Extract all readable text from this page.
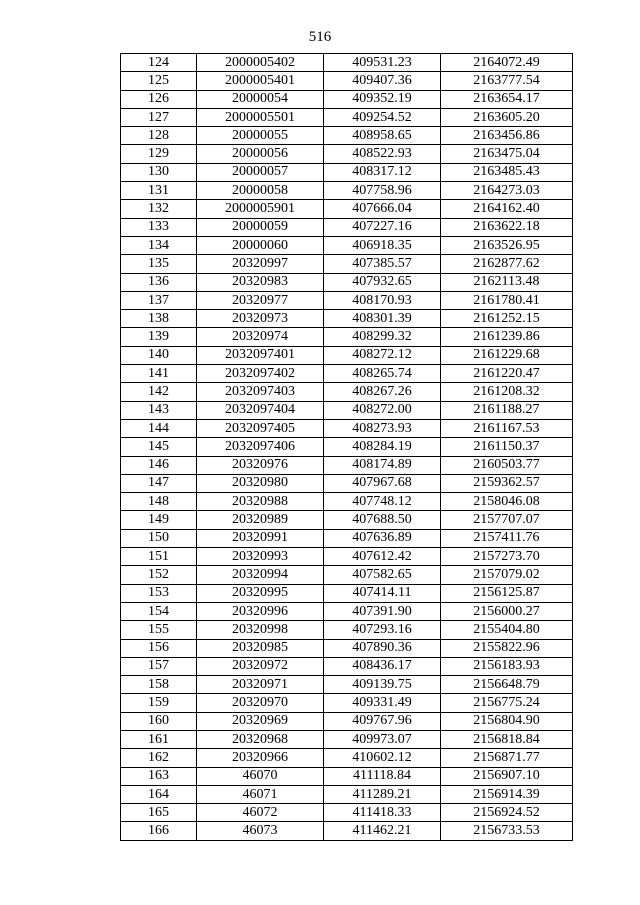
516
124	2000005402	409531.23	2164072.49
125	2000005401	409407.36	2163777.54
126	20000054	409352.19	2163654.17
127	2000005501	409254.52	2163605.20
128	20000055	408958.65	2163456.86
129	20000056	408522.93	2163475.04
130	20000057	408317.12	2163485.43
131	20000058	407758.96	2164273.03
132	2000005901	407666.04	2164162.40
133	20000059	407227.16	2163622.18
134	20000060	406918.35	2163526.95
135	20320997	407385.57	2162877.62
136	20320983	407932.65	2162113.48
137	20320977	408170.93	2161780.41
138	20320973	408301.39	2161252.15
139	20320974	408299.32	2161239.86
140	2032097401	408272.12	2161229.68
141	2032097402	408265.74	2161220.47
142	2032097403	408267.26	2161208.32
143	2032097404	408272.00	2161188.27
144	2032097405	408273.93	2161167.53
145	2032097406	408284.19	2161150.37
146	20320976	408174.89	2160503.77
147	20320980	407967.68	2159362.57
148	20320988	407748.12	2158046.08
149	20320989	407688.50	2157707.07
150	20320991	407636.89	2157411.76
151	20320993	407612.42	2157273.70
152	20320994	407582.65	2157079.02
153	20320995	407414.11	2156125.87
154	20320996	407391.90	2156000.27
155	20320998	407293.16	2155404.80
156	20320985	407890.36	2155822.96
157	20320972	408436.17	2156183.93
158	20320971	409139.75	2156648.79
159	20320970	409331.49	2156775.24
160	20320969	409767.96	2156804.90
161	20320968	409973.07	2156818.84
162	20320966	410602.12	2156871.77
163	46070	411118.84	2156907.10
164	46071	411289.21	2156914.39
165	46072	411418.33	2156924.52
166	46073	411462.21	2156733.53
